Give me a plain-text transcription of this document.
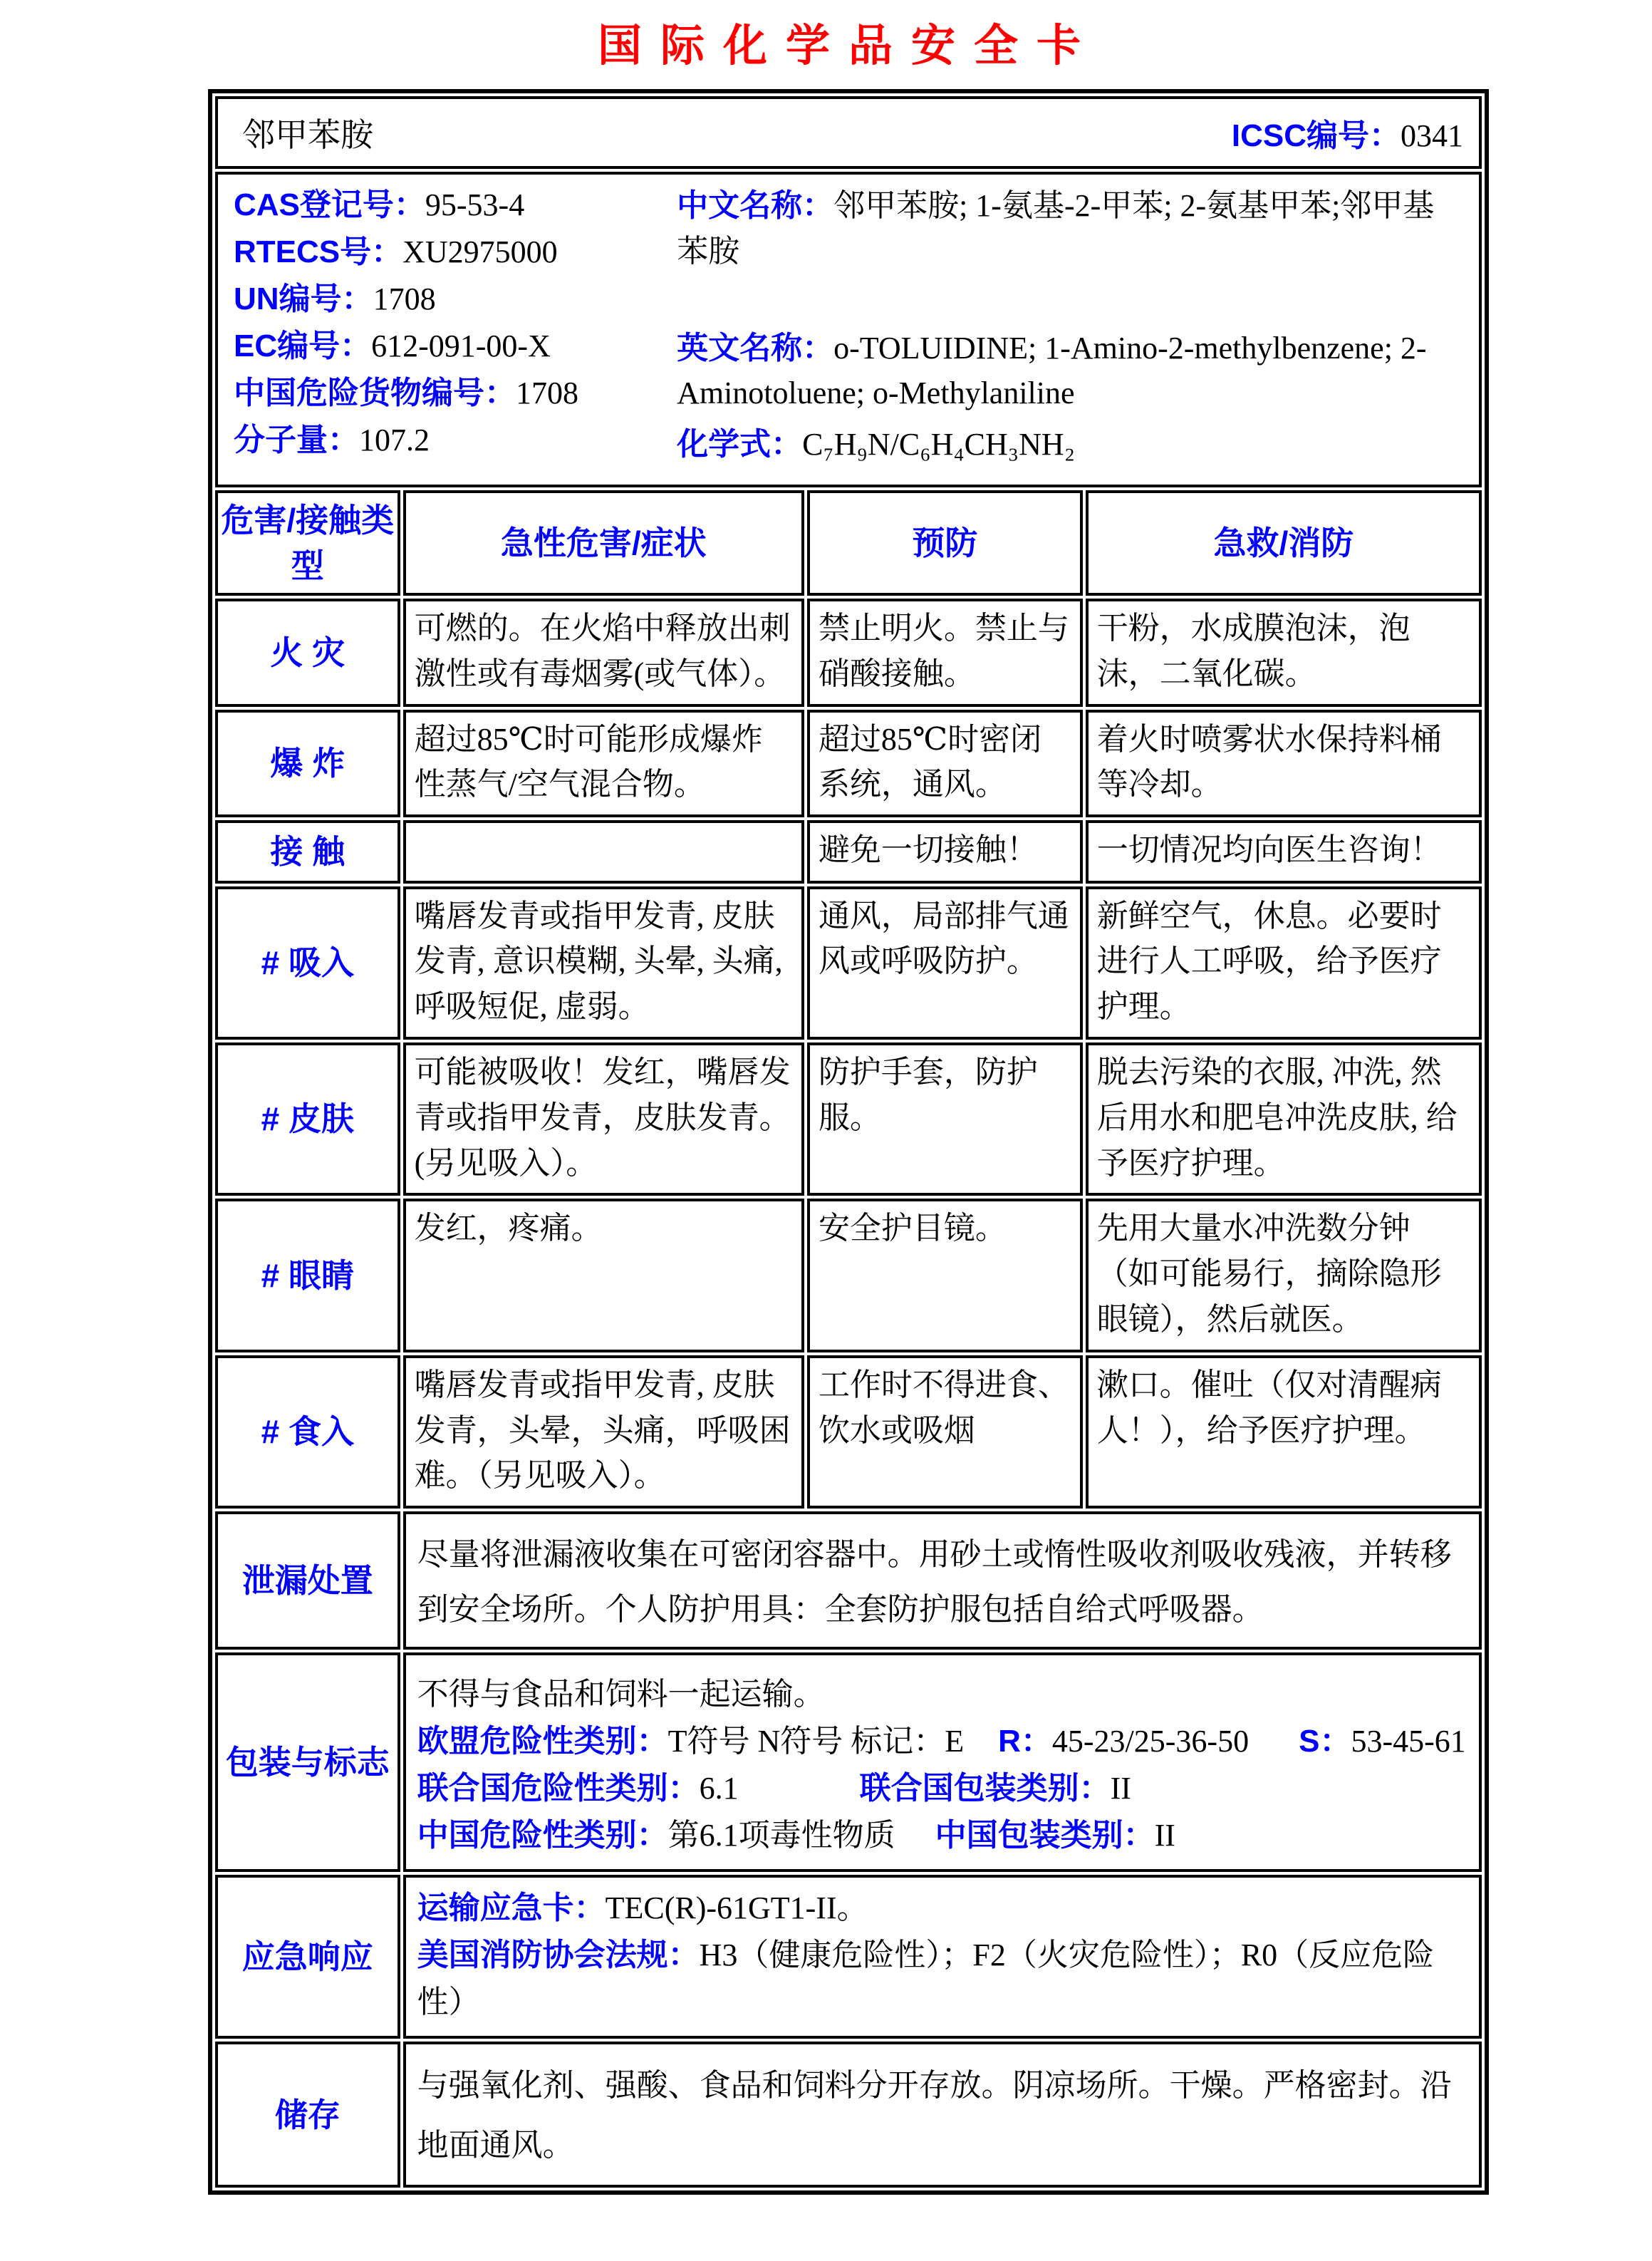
国际化学品安全卡
邻甲苯胺 ICSC编号：0341			

CAS登记号：95-53-4
RTECS号：XU2975000
UN编号：1708
EC编号：612-091-00-X
中国危险货物编号：1708
分子量：107.2

中文名称：邻甲苯胺; 1-氨基-2-甲苯; 2-氨基甲苯;邻甲基苯胺

英文名称：o-TOLUIDINE; 1-Amino-2-methylbenzene; 2-Aminotoluene; o-Methylaniline

化学式：C₇H₉N/C₆H₄CH₃NH₂

危害/接触类型	急性危害/症状	预防	急救/消防
火 灾	可燃的。在火焰中释放出刺激性或有毒烟雾(或气体）。	禁止明火。禁止与硝酸接触。	干粉，水成膜泡沫，泡沫，二氧化碳。
爆 炸	超过85℃时可能形成爆炸性蒸气/空气混合物。	超过85℃时密闭系统，通风。	着火时喷雾状水保持料桶等冷却。
接 触		避免一切接触！	一切情况均向医生咨询！
# 吸入	嘴唇发青或指甲发青, 皮肤发青, 意识模糊, 头晕, 头痛, 呼吸短促, 虚弱。	通风，局部排气通风或呼吸防护。	新鲜空气，休息。必要时进行人工呼吸，给予医疗护理。
# 皮肤	可能被吸收！发红，嘴唇发青或指甲发青，皮肤发青。(另见吸入）。	防护手套，防护服。	脱去污染的衣服, 冲洗, 然后用水和肥皂冲洗皮肤, 给予医疗护理。
# 眼睛	发红，疼痛。	安全护目镜。	先用大量水冲洗数分钟（如可能易行，摘除隐形眼镜），然后就医。
# 食入	嘴唇发青或指甲发青, 皮肤发青，头晕，头痛，呼吸困难。（另见吸入）。	工作时不得进食、饮水或吸烟	漱口。催吐（仅对清醒病人！），给予医疗护理。
泄漏处置	尽量将泄漏液收集在可密闭容器中。用砂土或惰性吸收剂吸收残液，并转移到安全场所。个人防护用具：全套防护服包括自给式呼吸器。		

包装与标志	不得与食品和饲料一起运输。

欧盟危险性类别：T符号 N符号 标记：E R：45-23/25-36-50 S：53-45-61

联合国危险性类别：6.1 联合国包装类别：II

中国危险性类别：第6.1项毒性物质 中国包装类别：II		

应急响应	运输应急卡：TEC(R)-61GT1-II。

美国消防协会法规：H3（健康危险性）；F2（火灾危险性）；R0（反应危险性）		

储存	与强氧化剂、强酸、食品和饲料分开存放。阴凉场所。干燥。严格密封。沿地面通风。		
